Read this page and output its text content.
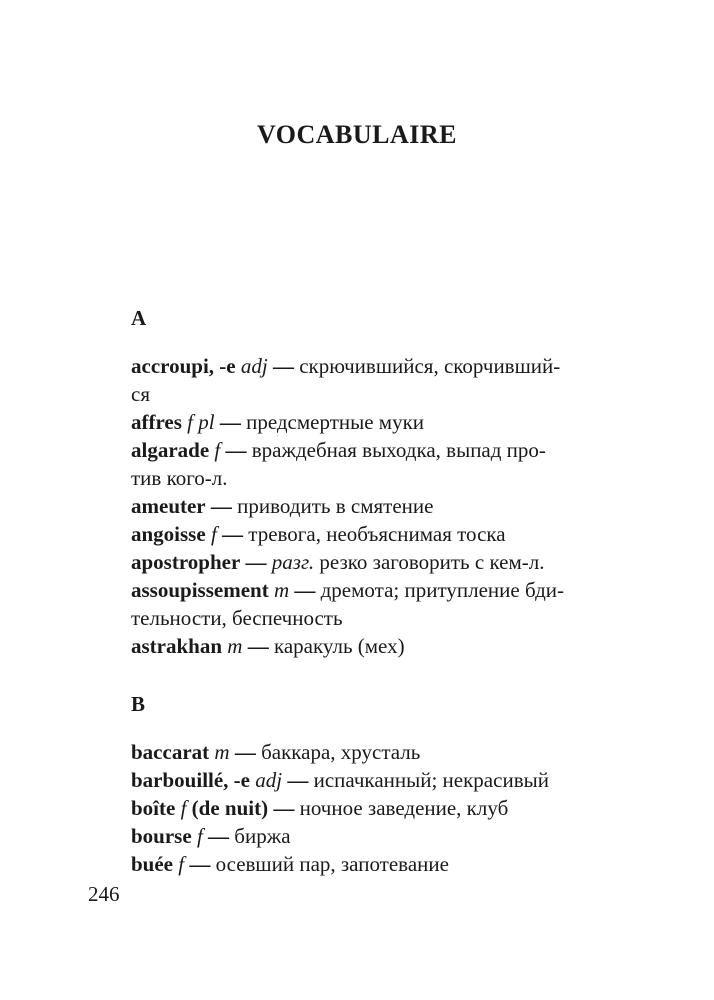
VOCABULAIRE
A

accroupi, -e adj — скрючившийся, скорчивший-
ся

affres f pl — предсмертные муки

algarade f — враждебная выходка, выпад про-
тив кого-л.

ameuter — приводить в смятение

angoisse f — тревога, необъяснимая тоска

apostropher — разг. резко заговорить с кем-л.

assoupissement m — дремота; притупление бди-
тельности, беспечность

astrakhan m — каракуль (мех)

B

baccarat m — баккара, хрусталь

barbouillé, -e adj — испачканный; некрасивый

boîte f (de nuit) — ночное заведение, клуб

bourse f — биржа

buée f — осевший пар, запотевание

246
